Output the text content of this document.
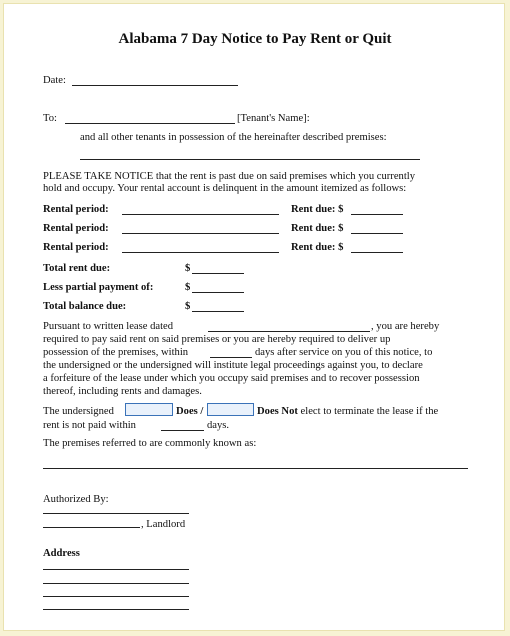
Alabama 7 Day Notice to Pay Rent or Quit
Date:
To:	[Tenant's Name]:
and all other tenants in possession of the hereinafter described premises:
PLEASE TAKE NOTICE that the rent is past due on said premises which you currently
hold and occupy. Your rental account is delinquent in the amount itemized as follows:
Rental period:	Rent due: $
Rental period:	Rent due: $
Rental period:	Rent due: $
Total rent due:	$
Less partial payment of:	$
Total balance due:	$
Pursuant to written lease dated	, you are hereby
required to pay said rent on said premises or you are hereby required to deliver up
possession of the premises, within	days after service on you of this notice, to
the undersigned or the undersigned will institute legal proceedings against you, to declare
a forfeiture of the lease under which you occupy said premises and to recover possession
thereof, including rents and damages.
The undersigned	Does /	Does Not elect to terminate the lease if the
rent is not paid within	days.
The premises referred to are commonly known as:
Authorized By:
, Landlord
Address
